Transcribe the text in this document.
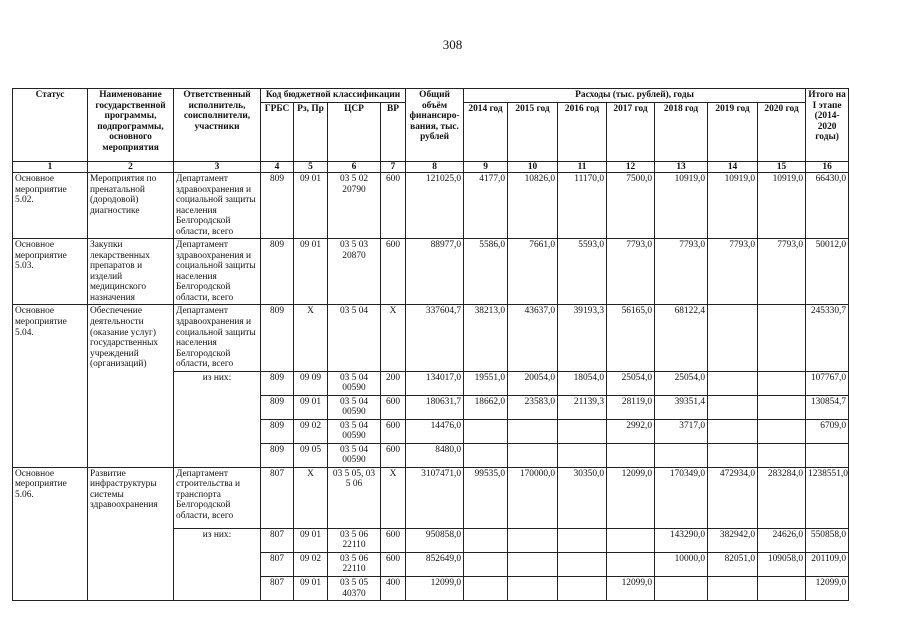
308
Статус	Наименование государственной программы, подпрограммы, основного мероприятия	Ответственный исполнитель, соисполнители, участники	Код бюджетной классификации				Общий объём финансиро-вания, тыс. рублей	Расходы (тыс. рублей), годы							Итого на I этапе (2014-2020 годы)
			ГРБС	Рз, Пр	ЦСР	ВР		2014 год	2015 год	2016 год	2017 год	2018 год	2019 год	2020 год	
1	2	3	4	5	6	7	8	9	10	11	12	13	14	15	16
Основное мероприятие 5.02.	Мероприятия по пренатальной (дородовой) диагностике	Департамент здравоохранения и социальной защиты населения Белгородской области, всего	809	09 01	03 5 02 20790	600	121025,0	4177,0	10826,0	11170,0	7500,0	10919,0	10919,0	10919,0	66430,0
Основное мероприятие 5.03.	Закупки лекарственных препаратов и изделий медицинского назначения	Департамент здравоохранения и социальной защиты населения Белгородской области, всего	809	09 01	03 5 03 20870	600	88977,0	5586,0	7661,0	5593,0	7793,0	7793,0	7793,0	7793,0	50012,0
Основное мероприятие 5.04.	Обеспечение деятельности (оказание услуг) государственных учреждений (организаций)	Департамент здравоохранения и социальной защиты населения Белгородской области, всего	809	Х	03 5 04	Х	337604,7	38213,0	43637,0	39193,3	56165,0	68122,4			245330,7
		из них:	809	09 09	03 5 04 00590	200	134017,0	19551,0	20054,0	18054,0	25054,0	25054,0			107767,0
			809	09 01	03 5 04 00590	600	180631,7	18662,0	23583,0	21139,3	28119,0	39351,4			130854,7
			809	09 02	03 5 04 00590	600	14476,0				2992,0	3717,0			6709,0
			809	09 05	03 5 04 00590	600	8480,0								
Основное мероприятие 5.06.	Развитие инфраструктуры системы здравоохранения	Департамент строительства и транспорта Белгородской области, всего	807	Х	03 5 05, 03 5 06	Х	3107471,0	99535,0	170000,0	30350,0	12099,0	170349,0	472934,0	283284,0	1238551,0
		из них:	807	09 01	03 5 06 22110	600	950858,0					143290,0	382942,0	24626,0	550858,0
			807	09 02	03 5 06 22110	600	852649,0					10000,0	82051,0	109058,0	201109,0
			807	09 01	03 5 05 40370	400	12099,0				12099,0				12099,0
